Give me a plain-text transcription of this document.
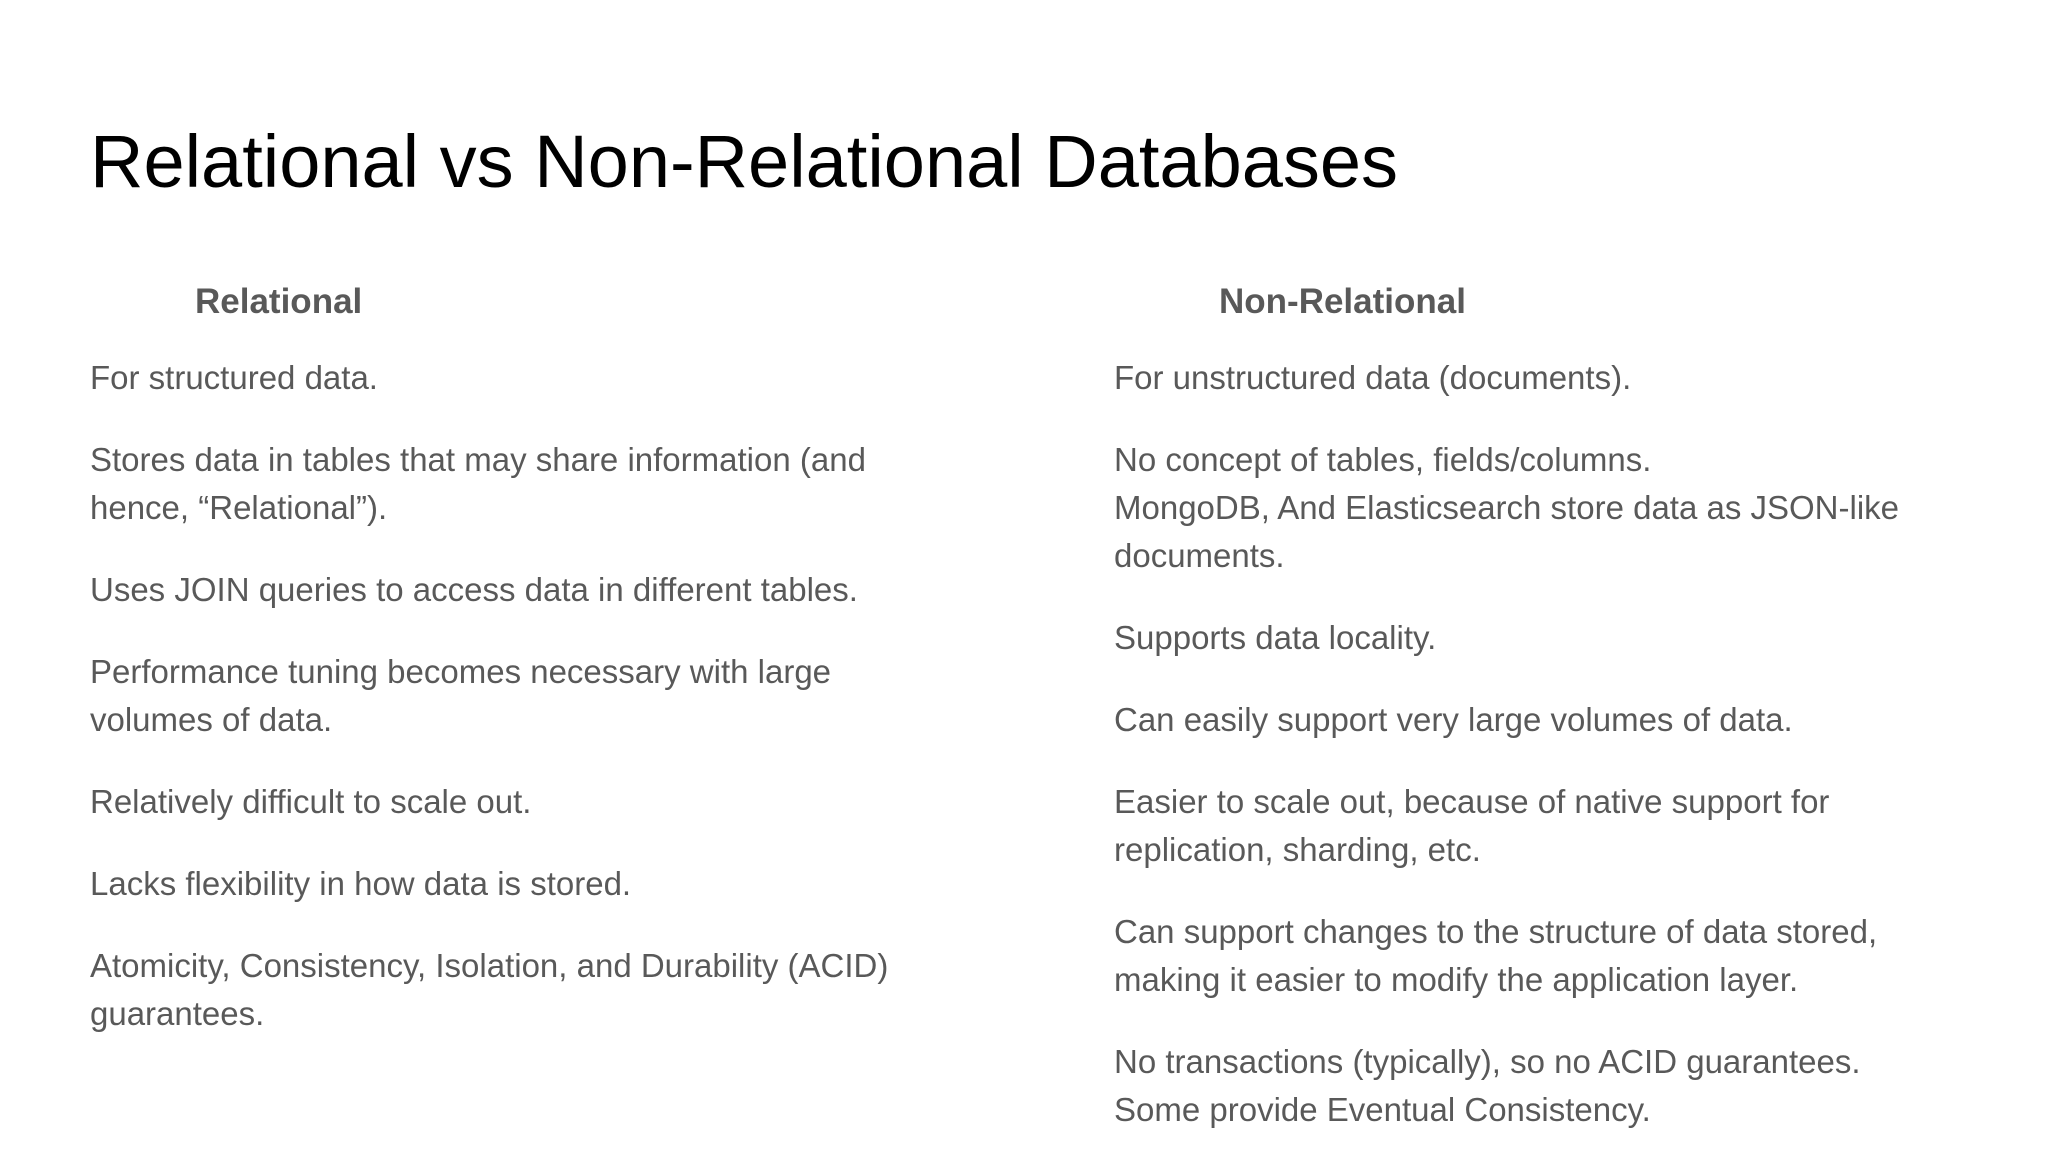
Relational vs Non-Relational Databases
Relational
For structured data.
Stores data in tables that may share information (and
hence, “Relational”).
Uses JOIN queries to access data in different tables.
Performance tuning becomes necessary with large
volumes of data.
Relatively difficult to scale out.
Lacks flexibility in how data is stored.
Atomicity, Consistency, Isolation, and Durability (ACID)
guarantees.
Non-Relational
For unstructured data (documents).
No concept of tables, fields/columns.
MongoDB, And Elasticsearch store data as JSON-like
documents.
Supports data locality.
Can easily support very large volumes of data.
Easier to scale out, because of native support for
replication, sharding, etc.
Can support changes to the structure of data stored,
making it easier to modify the application layer.
No transactions (typically), so no ACID guarantees.
Some provide Eventual Consistency.
